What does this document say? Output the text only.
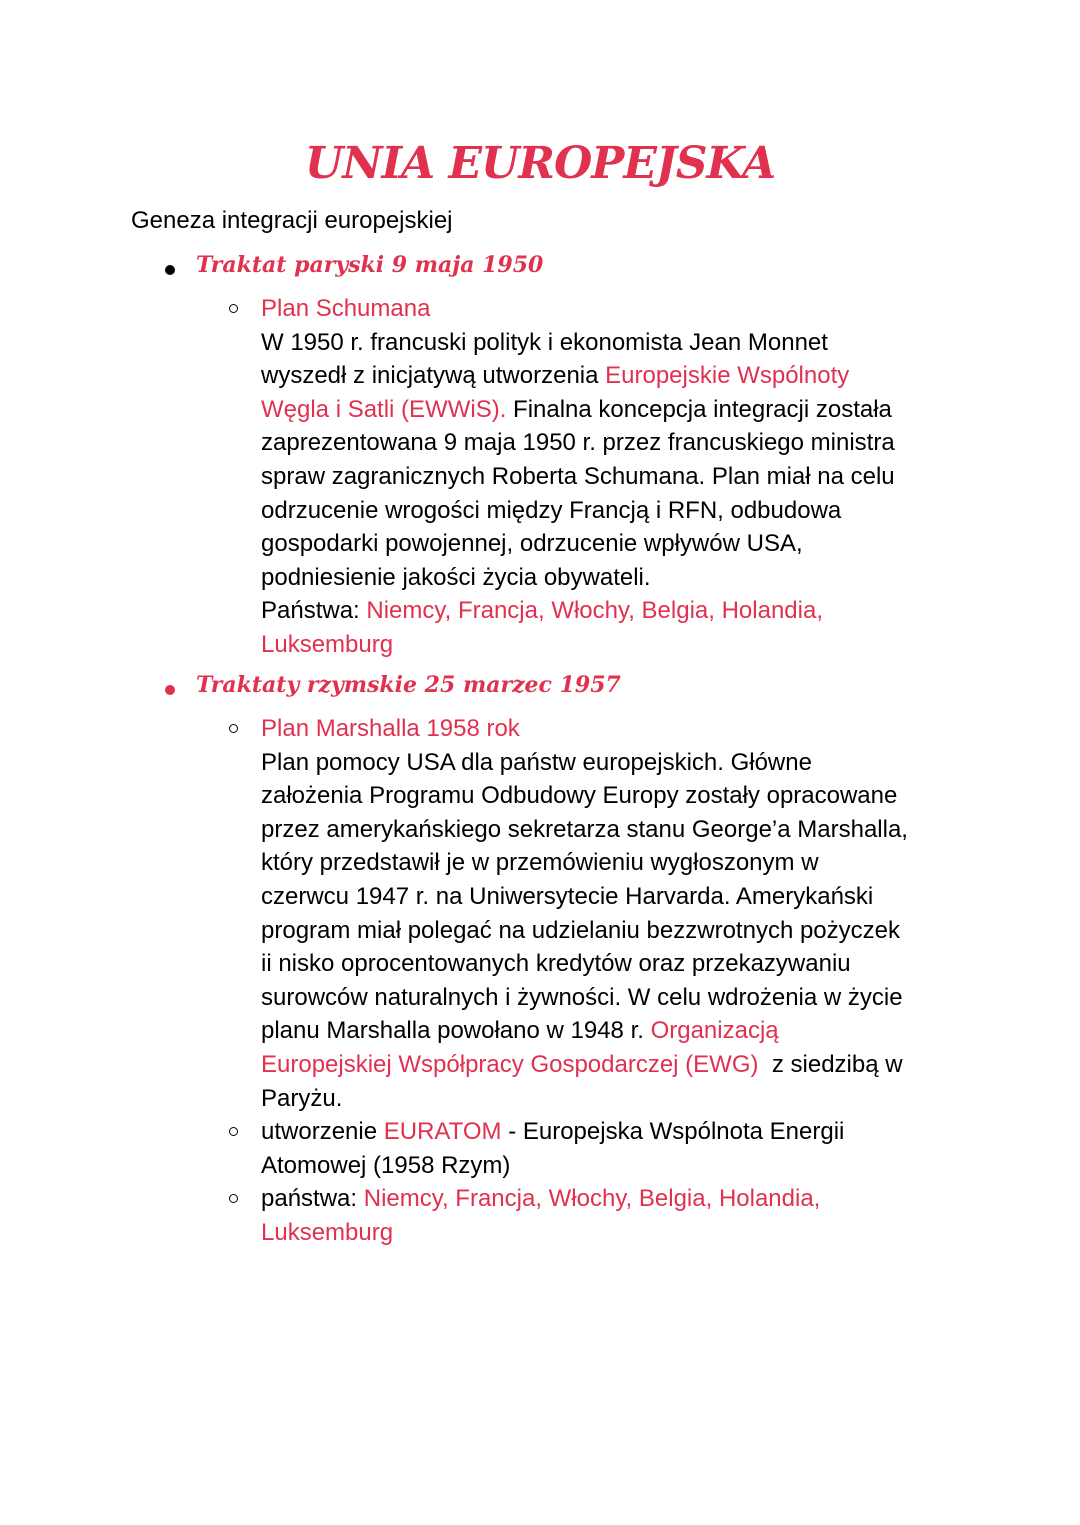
UNIA EUROPEJSKA
Geneza integracji europejskiej
Traktat paryski 9 maja 1950
Plan Schumana
W 1950 r. francuski polityk i ekonomista Jean Monnet
wyszedł z inicjatywą utworzenia Europejskie Wspólnoty
Węgla i Satli (EWWiS). Finalna koncepcja integracji została
zaprezentowana 9 maja 1950 r. przez francuskiego ministra
spraw zagranicznych Roberta Schumana. Plan miał na celu
odrzucenie wrogości między Francją i RFN, odbudowa
gospodarki powojennej, odrzucenie wpływów USA,
podniesienie jakości życia obywateli.
Państwa: Niemcy, Francja, Włochy, Belgia, Holandia,
Luksemburg
Traktaty rzymskie 25 marzec 1957
Plan Marshalla 1958 rok
Plan pomocy USA dla państw europejskich. Główne
założenia Programu Odbudowy Europy zostały opracowane
przez amerykańskiego sekretarza stanu George’a Marshalla,
który przedstawił je w przemówieniu wygłoszonym w
czerwcu 1947 r. na Uniwersytecie Harvarda. Amerykański
program miał polegać na udzielaniu bezzwrotnych pożyczek
ii nisko oprocentowanych kredytów oraz przekazywaniu
surowców naturalnych i żywności. W celu wdrożenia w życie
planu Marshalla powołano w 1948 r. Organizacją
Europejskiej Współpracy Gospodarczej (EWG)  z siedzibą w
Paryżu.
utworzenie EURATOM - Europejska Wspólnota Energii
Atomowej (1958 Rzym)
państwa: Niemcy, Francja, Włochy, Belgia, Holandia,
Luksemburg
